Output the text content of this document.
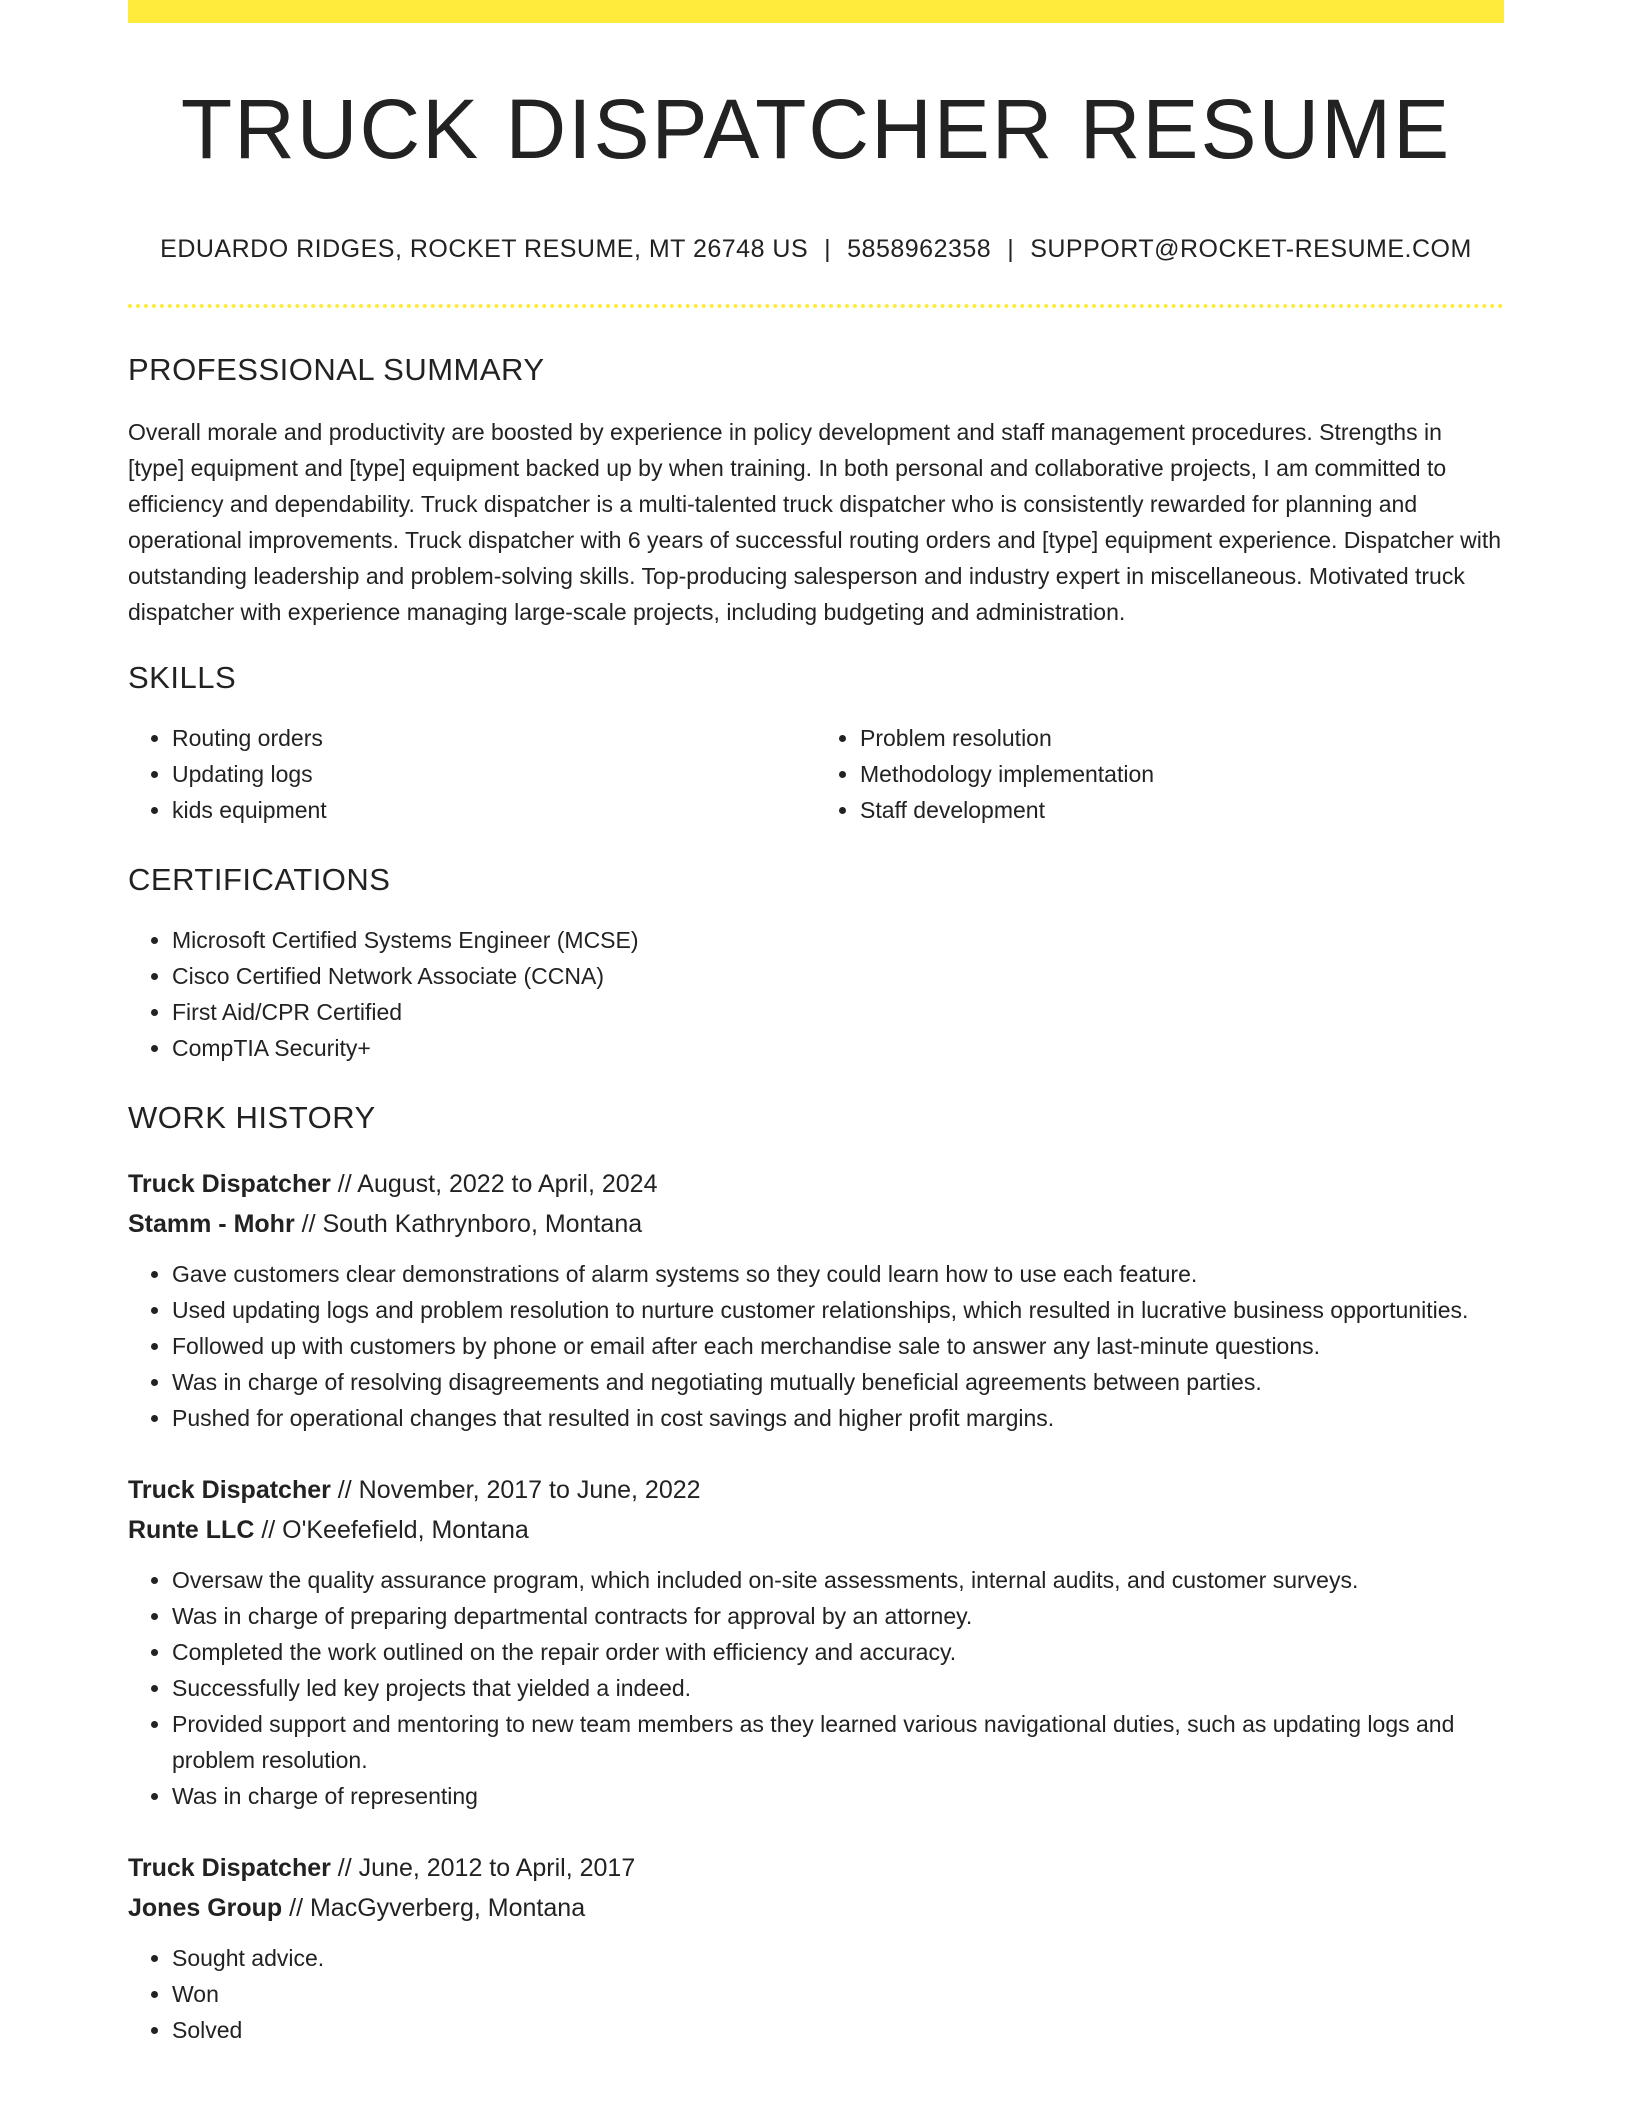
TRUCK DISPATCHER RESUME
EDUARDO RIDGES, ROCKET RESUME, MT 26748 US | 5858962358 | SUPPORT@ROCKET-RESUME.COM
PROFESSIONAL SUMMARY

Overall morale and productivity are boosted by experience in policy development and staff management procedures. Strengths in [type] equipment and [type] equipment backed up by when training. In both personal and collaborative projects, I am committed to efficiency and dependability. Truck dispatcher is a multi-talented truck dispatcher who is consistently rewarded for planning and operational improvements. Truck dispatcher with 6 years of successful routing orders and [type] equipment experience. Dispatcher with outstanding leadership and problem-solving skills. Top-producing salesperson and industry expert in miscellaneous. Motivated truck dispatcher with experience managing large-scale projects, including budgeting and administration.

SKILLS
• Routing orders
• Updating logs
• kids equipment
• Problem resolution
• Methodology implementation
• Staff development
CERTIFICATIONS
• Microsoft Certified Systems Engineer (MCSE)
• Cisco Certified Network Associate (CCNA)
• First Aid/CPR Certified
• CompTIA Security+
WORK HISTORY
Truck Dispatcher // August, 2022 to April, 2024
Stamm - Mohr // South Kathrynboro, Montana
• Gave customers clear demonstrations of alarm systems so they could learn how to use each feature.
• Used updating logs and problem resolution to nurture customer relationships, which resulted in lucrative business opportunities.
• Followed up with customers by phone or email after each merchandise sale to answer any last-minute questions.
• Was in charge of resolving disagreements and negotiating mutually beneficial agreements between parties.
• Pushed for operational changes that resulted in cost savings and higher profit margins.
Truck Dispatcher // November, 2017 to June, 2022
Runte LLC // O'Keefefield, Montana
• Oversaw the quality assurance program, which included on-site assessments, internal audits, and customer surveys.
• Was in charge of preparing departmental contracts for approval by an attorney.
• Completed the work outlined on the repair order with efficiency and accuracy.
• Successfully led key projects that yielded a indeed.
• Provided support and mentoring to new team members as they learned various navigational duties, such as updating logs and problem resolution.
• Was in charge of representing
Truck Dispatcher // June, 2012 to April, 2017
Jones Group // MacGyverberg, Montana
• Sought advice.
• Won
• Solved
